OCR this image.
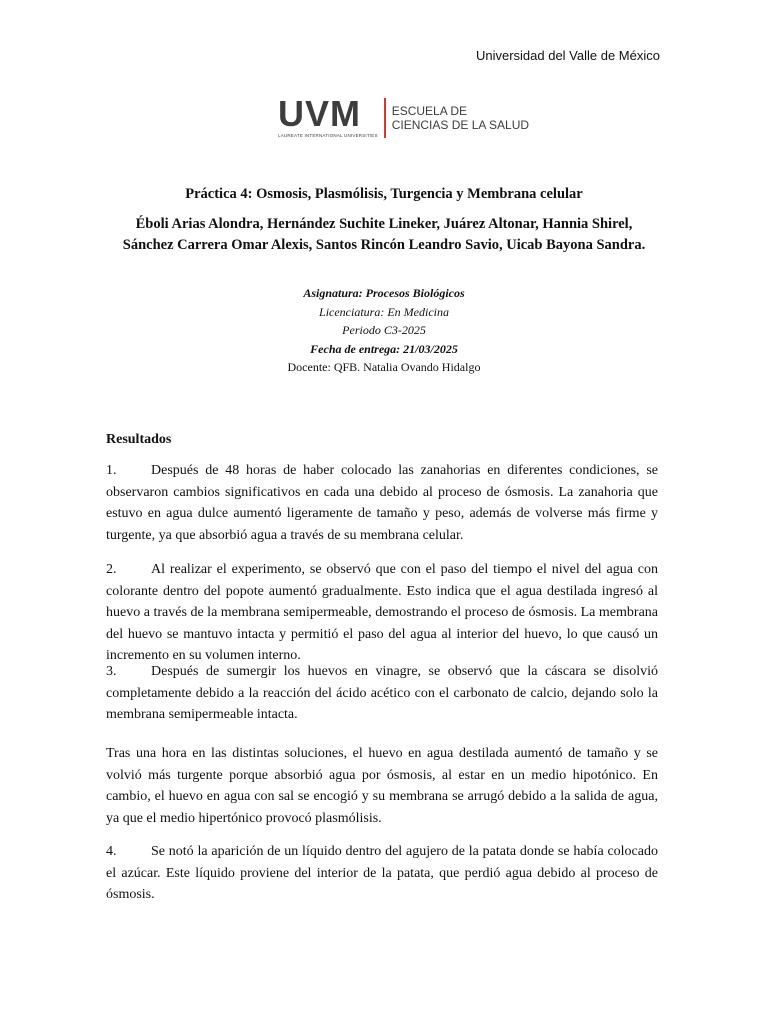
Universidad del Valle de México
UVM
LAUREATE INTERNATIONAL UNIVERSITIES
ESCUELA DE
CIENCIAS DE LA SALUD
Práctica 4: Osmosis, Plasmólisis, Turgencia y Membrana celular
Éboli Arias Alondra, Hernández Suchite Lineker, Juárez Altonar, Hannia Shirel,
Sánchez Carrera Omar Alexis, Santos Rincón Leandro Savio, Uicab Bayona Sandra.
Asignatura: Procesos Biológicos
Licenciatura: En Medicina
Periodo C3-2025
Fecha de entrega: 21/03/2025
Docente: QFB. Natalia Ovando Hidalgo
Resultados
1. Después de 48 horas de haber colocado las zanahorias en diferentes condiciones, se observaron cambios significativos en cada una debido al proceso de ósmosis. La zanahoria que estuvo en agua dulce aumentó ligeramente de tamaño y peso, además de volverse más firme y turgente, ya que absorbió agua a través de su membrana celular.
2. Al realizar el experimento, se observó que con el paso del tiempo el nivel del agua con colorante dentro del popote aumentó gradualmente. Esto indica que el agua destilada ingresó al huevo a través de la membrana semipermeable, demostrando el proceso de ósmosis. La membrana del huevo se mantuvo intacta y permitió el paso del agua al interior del huevo, lo que causó un incremento en su volumen interno.
3. Después de sumergir los huevos en vinagre, se observó que la cáscara se disolvió completamente debido a la reacción del ácido acético con el carbonato de calcio, dejando solo la membrana semipermeable intacta.
Tras una hora en las distintas soluciones, el huevo en agua destilada aumentó de tamaño y se volvió más turgente porque absorbió agua por ósmosis, al estar en un medio hipotónico. En cambio, el huevo en agua con sal se encogió y su membrana se arrugó debido a la salida de agua, ya que el medio hipertónico provocó plasmólisis.
4. Se notó la aparición de un líquido dentro del agujero de la patata donde se había colocado el azúcar. Este líquido proviene del interior de la patata, que perdió agua debido al proceso de ósmosis.
